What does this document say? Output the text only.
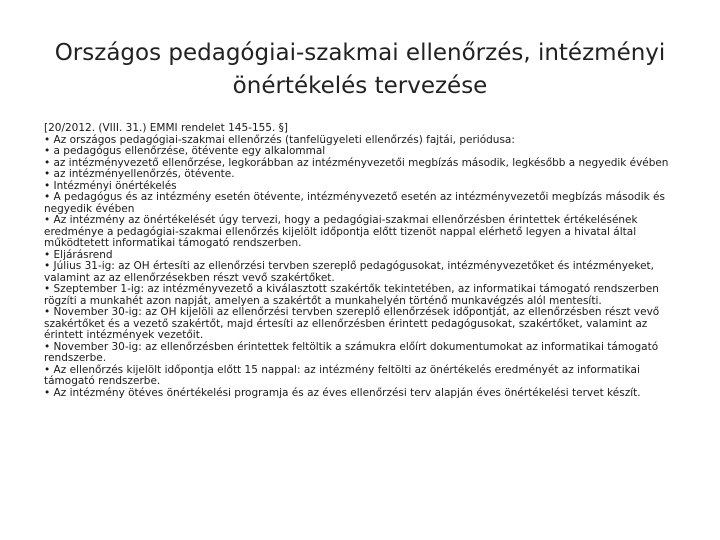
Országos pedagógiai-szakmai ellenőrzés, intézményi
önértékelés tervezése
[20/2012. (VIII. 31.) EMMI rendelet 145-155. §]
• Az országos pedagógiai-szakmai ellenőrzés (tanfelügyeleti ellenőrzés) fajtái, periódusa:
• a pedagógus ellenőrzése, ötévente egy alkalommal
• az intézményvezető ellenőrzése, legkorábban az intézményvezetői megbízás második, legkésőbb a negyedik évében
• az intézményellenőrzés, ötévente.
• Intézményi önértékelés
• A pedagógus és az intézmény esetén ötévente, intézményvezető esetén az intézményvezetői megbízás második és
negyedik évében
• Az intézmény az önértékelését úgy tervezi, hogy a pedagógiai-szakmai ellenőrzésben érintettek értékelésének
eredménye a pedagógiai-szakmai ellenőrzés kijelölt időpontja előtt tizenöt nappal elérhető legyen a hivatal által
működtetett informatikai támogató rendszerben.
• Eljárásrend
• Július 31-ig: az OH értesíti az ellenőrzési tervben szereplő pedagógusokat, intézményvezetőket és intézményeket,
valamint az az ellenőrzésekben részt vevő szakértőket.
• Szeptember 1-ig: az intézményvezető a kiválasztott szakértők tekintetében, az informatikai támogató rendszerben
rögzíti a munkahét azon napját, amelyen a szakértőt a munkahelyén történő munkavégzés alól mentesíti.
• November 30-ig: az OH kijelöli az ellenőrzési tervben szereplő ellenőrzések időpontját, az ellenőrzésben részt vevő
szakértőket és a vezető szakértőt, majd értesíti az ellenőrzésben érintett pedagógusokat, szakértőket, valamint az
érintett intézmények vezetőit.
• November 30-ig: az ellenőrzésben érintettek feltöltik a számukra előírt dokumentumokat az informatikai támogató
rendszerbe.
• Az ellenőrzés kijelölt időpontja előtt 15 nappal: az intézmény feltölti az önértékelés eredményét az informatikai
támogató rendszerbe.
• Az intézmény ötéves önértékelési programja és az éves ellenőrzési terv alapján éves önértékelési tervet készít.
